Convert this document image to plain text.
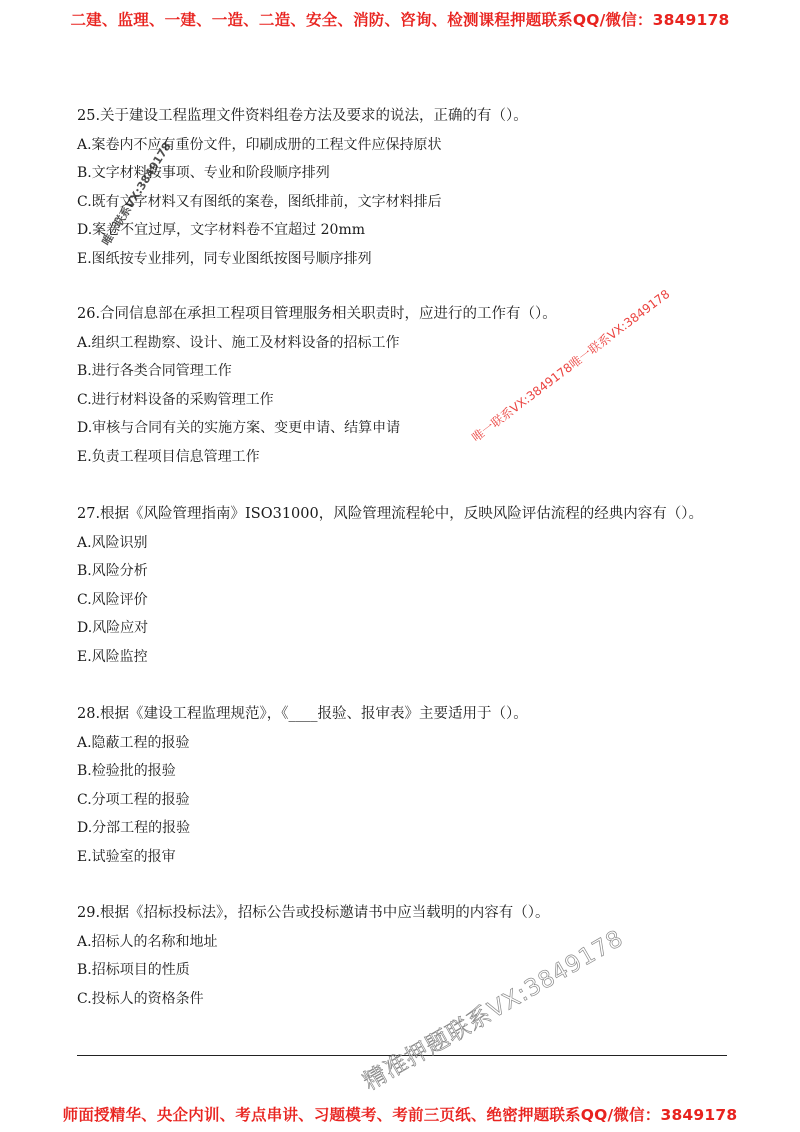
二建、监理、一建、一造、二造、安全、消防、咨询、检测课程押题联系QQ/微信：3849178
25.关于建设工程监理文件资料组卷方法及要求的说法，正确的有（）。
A.案卷内不应有重份文件，印刷成册的工程文件应保持原状
B.文字材料按事项、专业和阶段顺序排列
C.既有文字材料又有图纸的案卷，图纸排前，文字材料排后
D.案卷不宜过厚，文字材料卷不宜超过 20mm
E.图纸按专业排列，同专业图纸按图号顺序排列
26.合同信息部在承担工程项目管理服务相关职责时，应进行的工作有（）。
A.组织工程勘察、设计、施工及材料设备的招标工作
B.进行各类合同管理工作
C.进行材料设备的采购管理工作
D.审核与合同有关的实施方案、变更申请、结算申请
E.负责工程项目信息管理工作
27.根据《风险管理指南》ISO31000，风险管理流程轮中，反映风险评估流程的经典内容有（）。
A.风险识别
B.风险分析
C.风险评价
D.风险应对
E.风险监控
28.根据《建设工程监理规范》，《____报验、报审表》主要适用于（）。
A.隐蔽工程的报验
B.检验批的报验
C.分项工程的报验
D.分部工程的报验
E.试验室的报审
29.根据《招标投标法》，招标公告或投标邀请书中应当载明的内容有（）。
A.招标人的名称和地址
B.招标项目的性质
C.投标人的资格条件
唯一联系VX:3849178唯一联系VX:3849178
唯一联系VX:3849178
精准押题联系VX:3849178
师面授精华、央企内训、考点串讲、习题模考、考前三页纸、绝密押题联系QQ/微信：3849178
